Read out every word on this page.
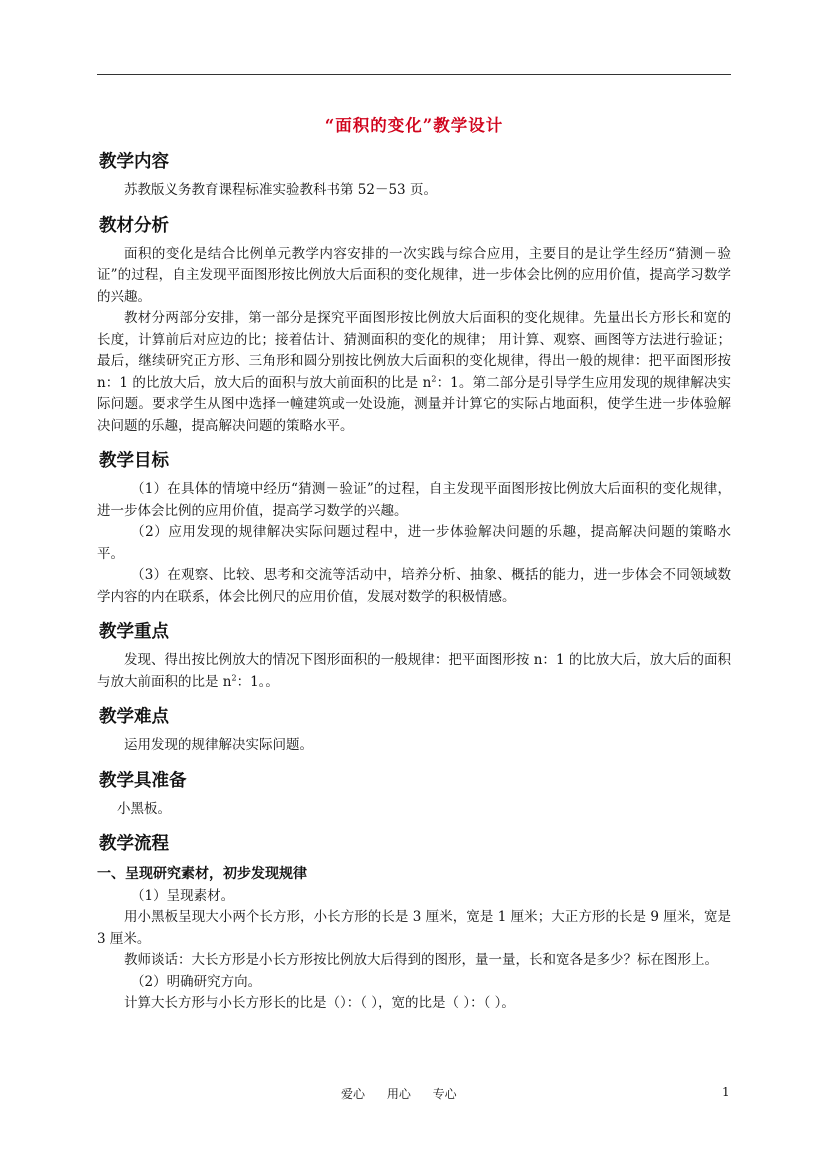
“面积的变化”教学设计
教学内容

苏教版义务教育课程标准实验教科书第 52－53 页。

教材分析

面积的变化是结合比例单元教学内容安排的一次实践与综合应用，主要目的是让学生经历“猜测－验证”的过程，自主发现平面图形按比例放大后面积的变化规律，进一步体会比例的应用价值，提高学习数学的兴趣。

教材分两部分安排，第一部分是探究平面图形按比例放大后面积的变化规律。先量出长方形长和宽的长度，计算前后对应边的比；接着估计、猜测面积的变化的规律； 用计算、观察、画图等方法进行验证；最后，继续研究正方形、三角形和圆分别按比例放大后面积的变化规律，得出一般的规律：把平面图形按 n：1 的比放大后，放大后的面积与放大前面积的比是 $n^2$：1。第二部分是引导学生应用发现的规律解决实际问题。要求学生从图中选择一幢建筑或一处设施，测量并计算它的实际占地面积，使学生进一步体验解决问题的乐趣，提高解决问题的策略水平。

教学目标

（1）在具体的情境中经历“猜测－验证”的过程，自主发现平面图形按比例放大后面积的变化规律，进一步体会比例的应用价值，提高学习数学的兴趣。

（2）应用发现的规律解决实际问题过程中，进一步体验解决问题的乐趣，提高解决问题的策略水平。

（3）在观察、比较、思考和交流等活动中，培养分析、抽象、概括的能力，进一步体会不同领域数学内容的内在联系，体会比例尺的应用价值，发展对数学的积极情感。

教学重点

发现、得出按比例放大的情况下图形面积的一般规律：把平面图形按 n：1 的比放大后，放大后的面积与放大前面积的比是 $n^2$：1。。

教学难点

运用发现的规律解决实际问题。

教学具准备

小黑板。

教学流程
一、呈现研究素材，初步发现规律

（1）呈现素材。

用小黑板呈现大小两个长方形，小长方形的长是 3 厘米，宽是 1 厘米；大正方形的长是 9 厘米，宽是 3 厘米。

教师谈话：大长方形是小长方形按比例放大后得到的图形，量一量，长和宽各是多少？标在图形上。

（2）明确研究方向。

计算大长方形与小长方形长的比是（）：（ ），宽的比是（ ）：（ ）。

爱心 用心 专心	1
